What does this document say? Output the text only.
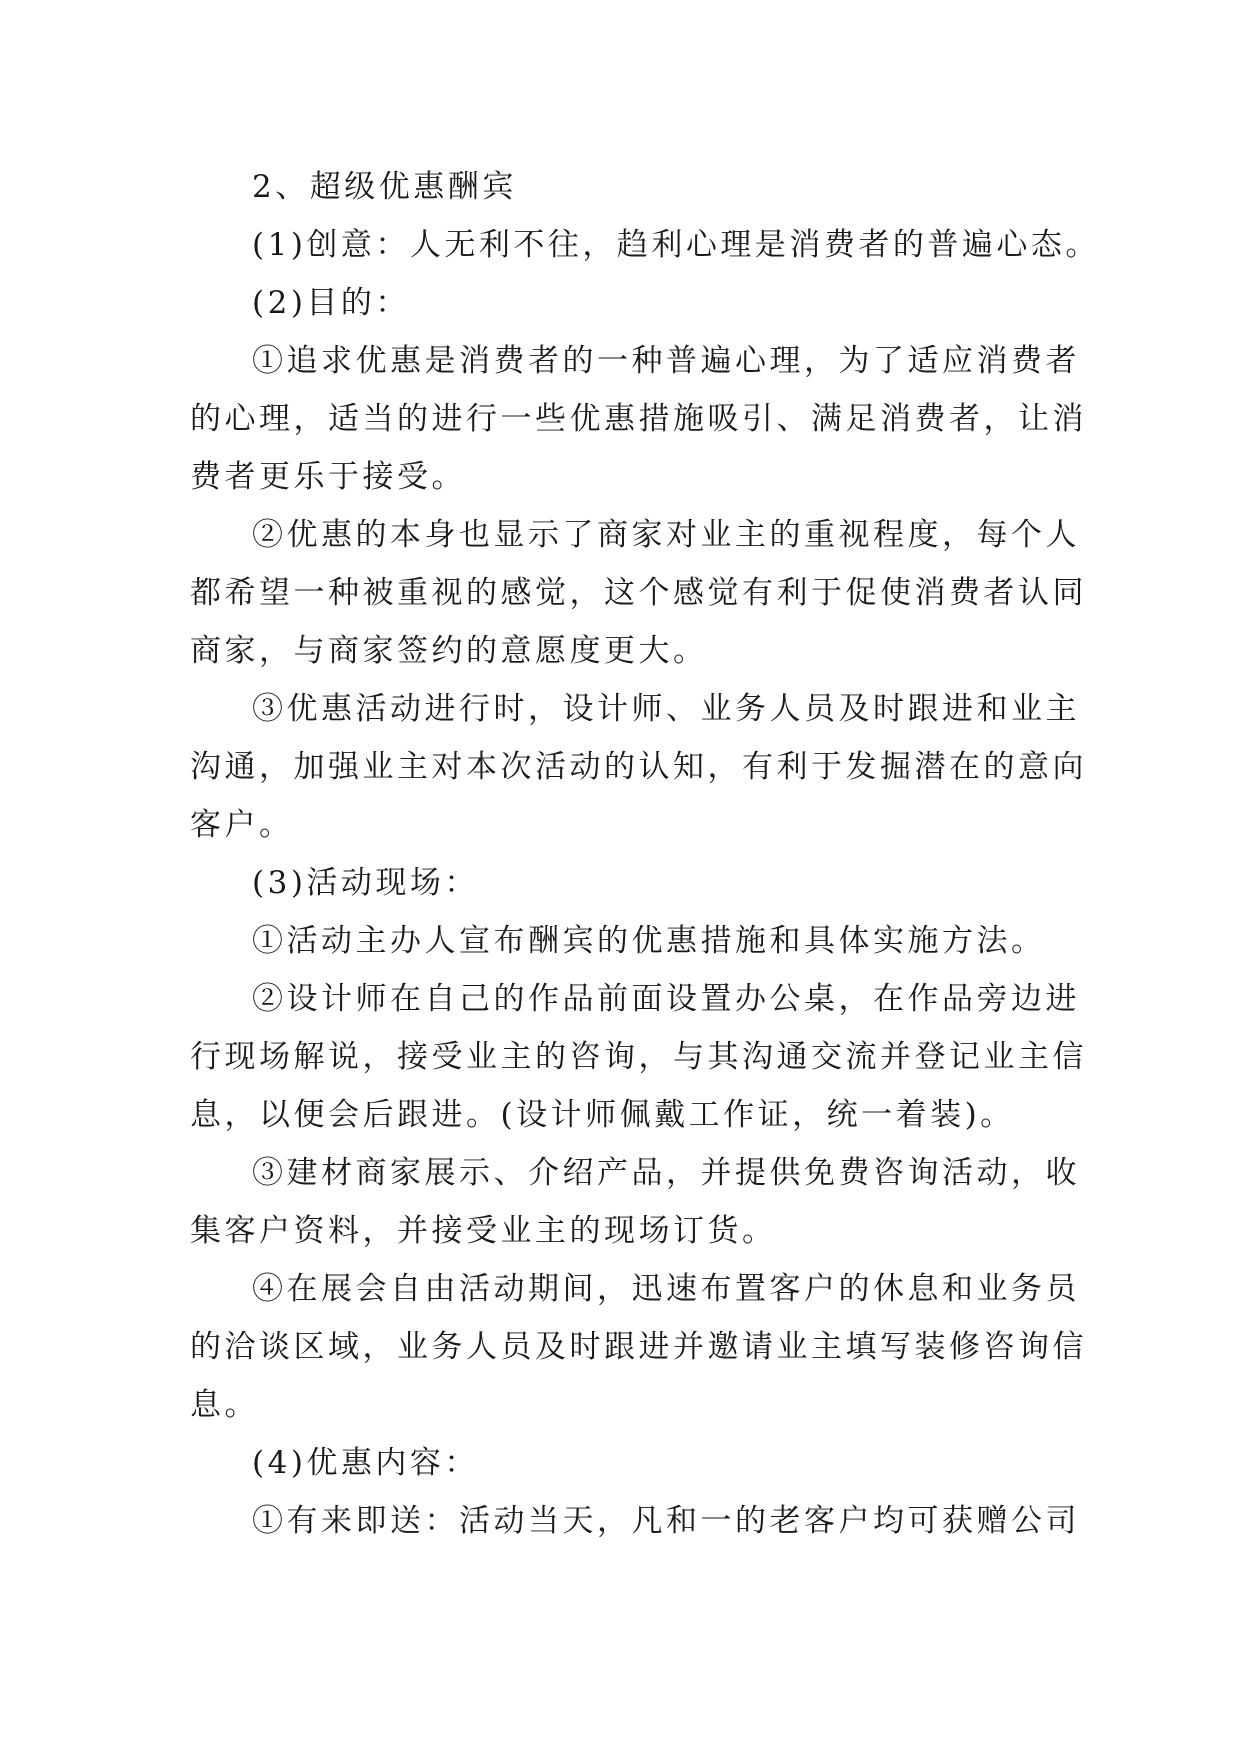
2、超级优惠酬宾
(1)创意：人无利不往，趋利心理是消费者的普遍心态。
(2)目的：
①追求优惠是消费者的一种普遍心理，为了适应消费者
的心理，适当的进行一些优惠措施吸引、满足消费者，让消
费者更乐于接受。
②优惠的本身也显示了商家对业主的重视程度，每个人
都希望一种被重视的感觉，这个感觉有利于促使消费者认同
商家，与商家签约的意愿度更大。
③优惠活动进行时，设计师、业务人员及时跟进和业主
沟通，加强业主对本次活动的认知，有利于发掘潜在的意向
客户。
(3)活动现场：
①活动主办人宣布酬宾的优惠措施和具体实施方法。
②设计师在自己的作品前面设置办公桌，在作品旁边进
行现场解说，接受业主的咨询，与其沟通交流并登记业主信
息，以便会后跟进。(设计师佩戴工作证，统一着装)。
③建材商家展示、介绍产品，并提供免费咨询活动，收
集客户资料，并接受业主的现场订货。
④在展会自由活动期间，迅速布置客户的休息和业务员
的洽谈区域，业务人员及时跟进并邀请业主填写装修咨询信
息。
(4)优惠内容：
①有来即送：活动当天，凡和一的老客户均可获赠公司
